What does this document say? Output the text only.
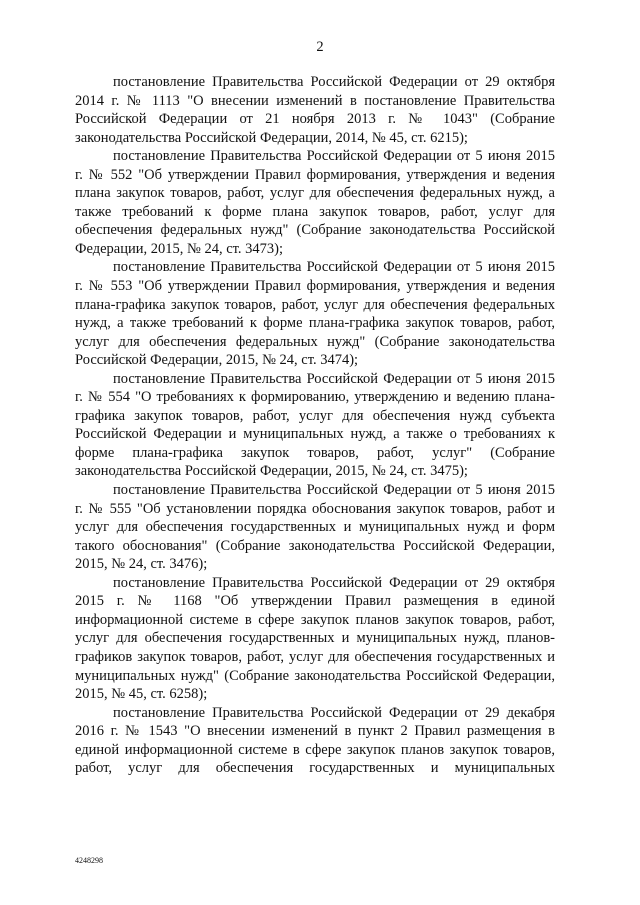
2

постановление Правительства Российской Федерации от 29 октября 2014 г. № 1113 "О внесении изменений в постановление Правительства Российской Федерации от 21 ноября 2013 г. № 1043" (Собрание законодательства Российской Федерации, 2014, № 45, ст. 6215);

постановление Правительства Российской Федерации от 5 июня 2015 г. № 552 "Об утверждении Правил формирования, утверждения и ведения плана закупок товаров, работ, услуг для обеспечения федеральных нужд, а также требований к форме плана закупок товаров, работ, услуг для обеспечения федеральных нужд" (Собрание законодательства Российской Федерации, 2015, № 24, ст. 3473);

постановление Правительства Российской Федерации от 5 июня 2015 г. № 553 "Об утверждении Правил формирования, утверждения и ведения плана-графика закупок товаров, работ, услуг для обеспечения федеральных нужд, а также требований к форме плана-графика закупок товаров, работ, услуг для обеспечения федеральных нужд" (Собрание законодательства Российской Федерации, 2015, № 24, ст. 3474);

постановление Правительства Российской Федерации от 5 июня 2015 г. № 554 "О требованиях к формированию, утверждению и ведению плана-графика закупок товаров, работ, услуг для обеспечения нужд субъекта Российской Федерации и муниципальных нужд, а также о требованиях к форме плана-графика закупок товаров, работ, услуг" (Собрание законодательства Российской Федерации, 2015, № 24, ст. 3475);

постановление Правительства Российской Федерации от 5 июня 2015 г. № 555 "Об установлении порядка обоснования закупок товаров, работ и услуг для обеспечения государственных и муниципальных нужд и форм такого обоснования" (Собрание законодательства Российской Федерации, 2015, № 24, ст. 3476);

постановление Правительства Российской Федерации от 29 октября 2015 г. № 1168 "Об утверждении Правил размещения в единой информационной системе в сфере закупок планов закупок товаров, работ, услуг для обеспечения государственных и муниципальных нужд, планов-графиков закупок товаров, работ, услуг для обеспечения государственных и муниципальных нужд" (Собрание законодательства Российской Федерации, 2015, № 45, ст. 6258);

постановление Правительства Российской Федерации от 29 декабря 2016 г. № 1543 "О внесении изменений в пункт 2 Правил размещения в единой информационной системе в сфере закупок планов закупок товаров, работ, услуг для обеспечения государственных и муниципальных

4248298
